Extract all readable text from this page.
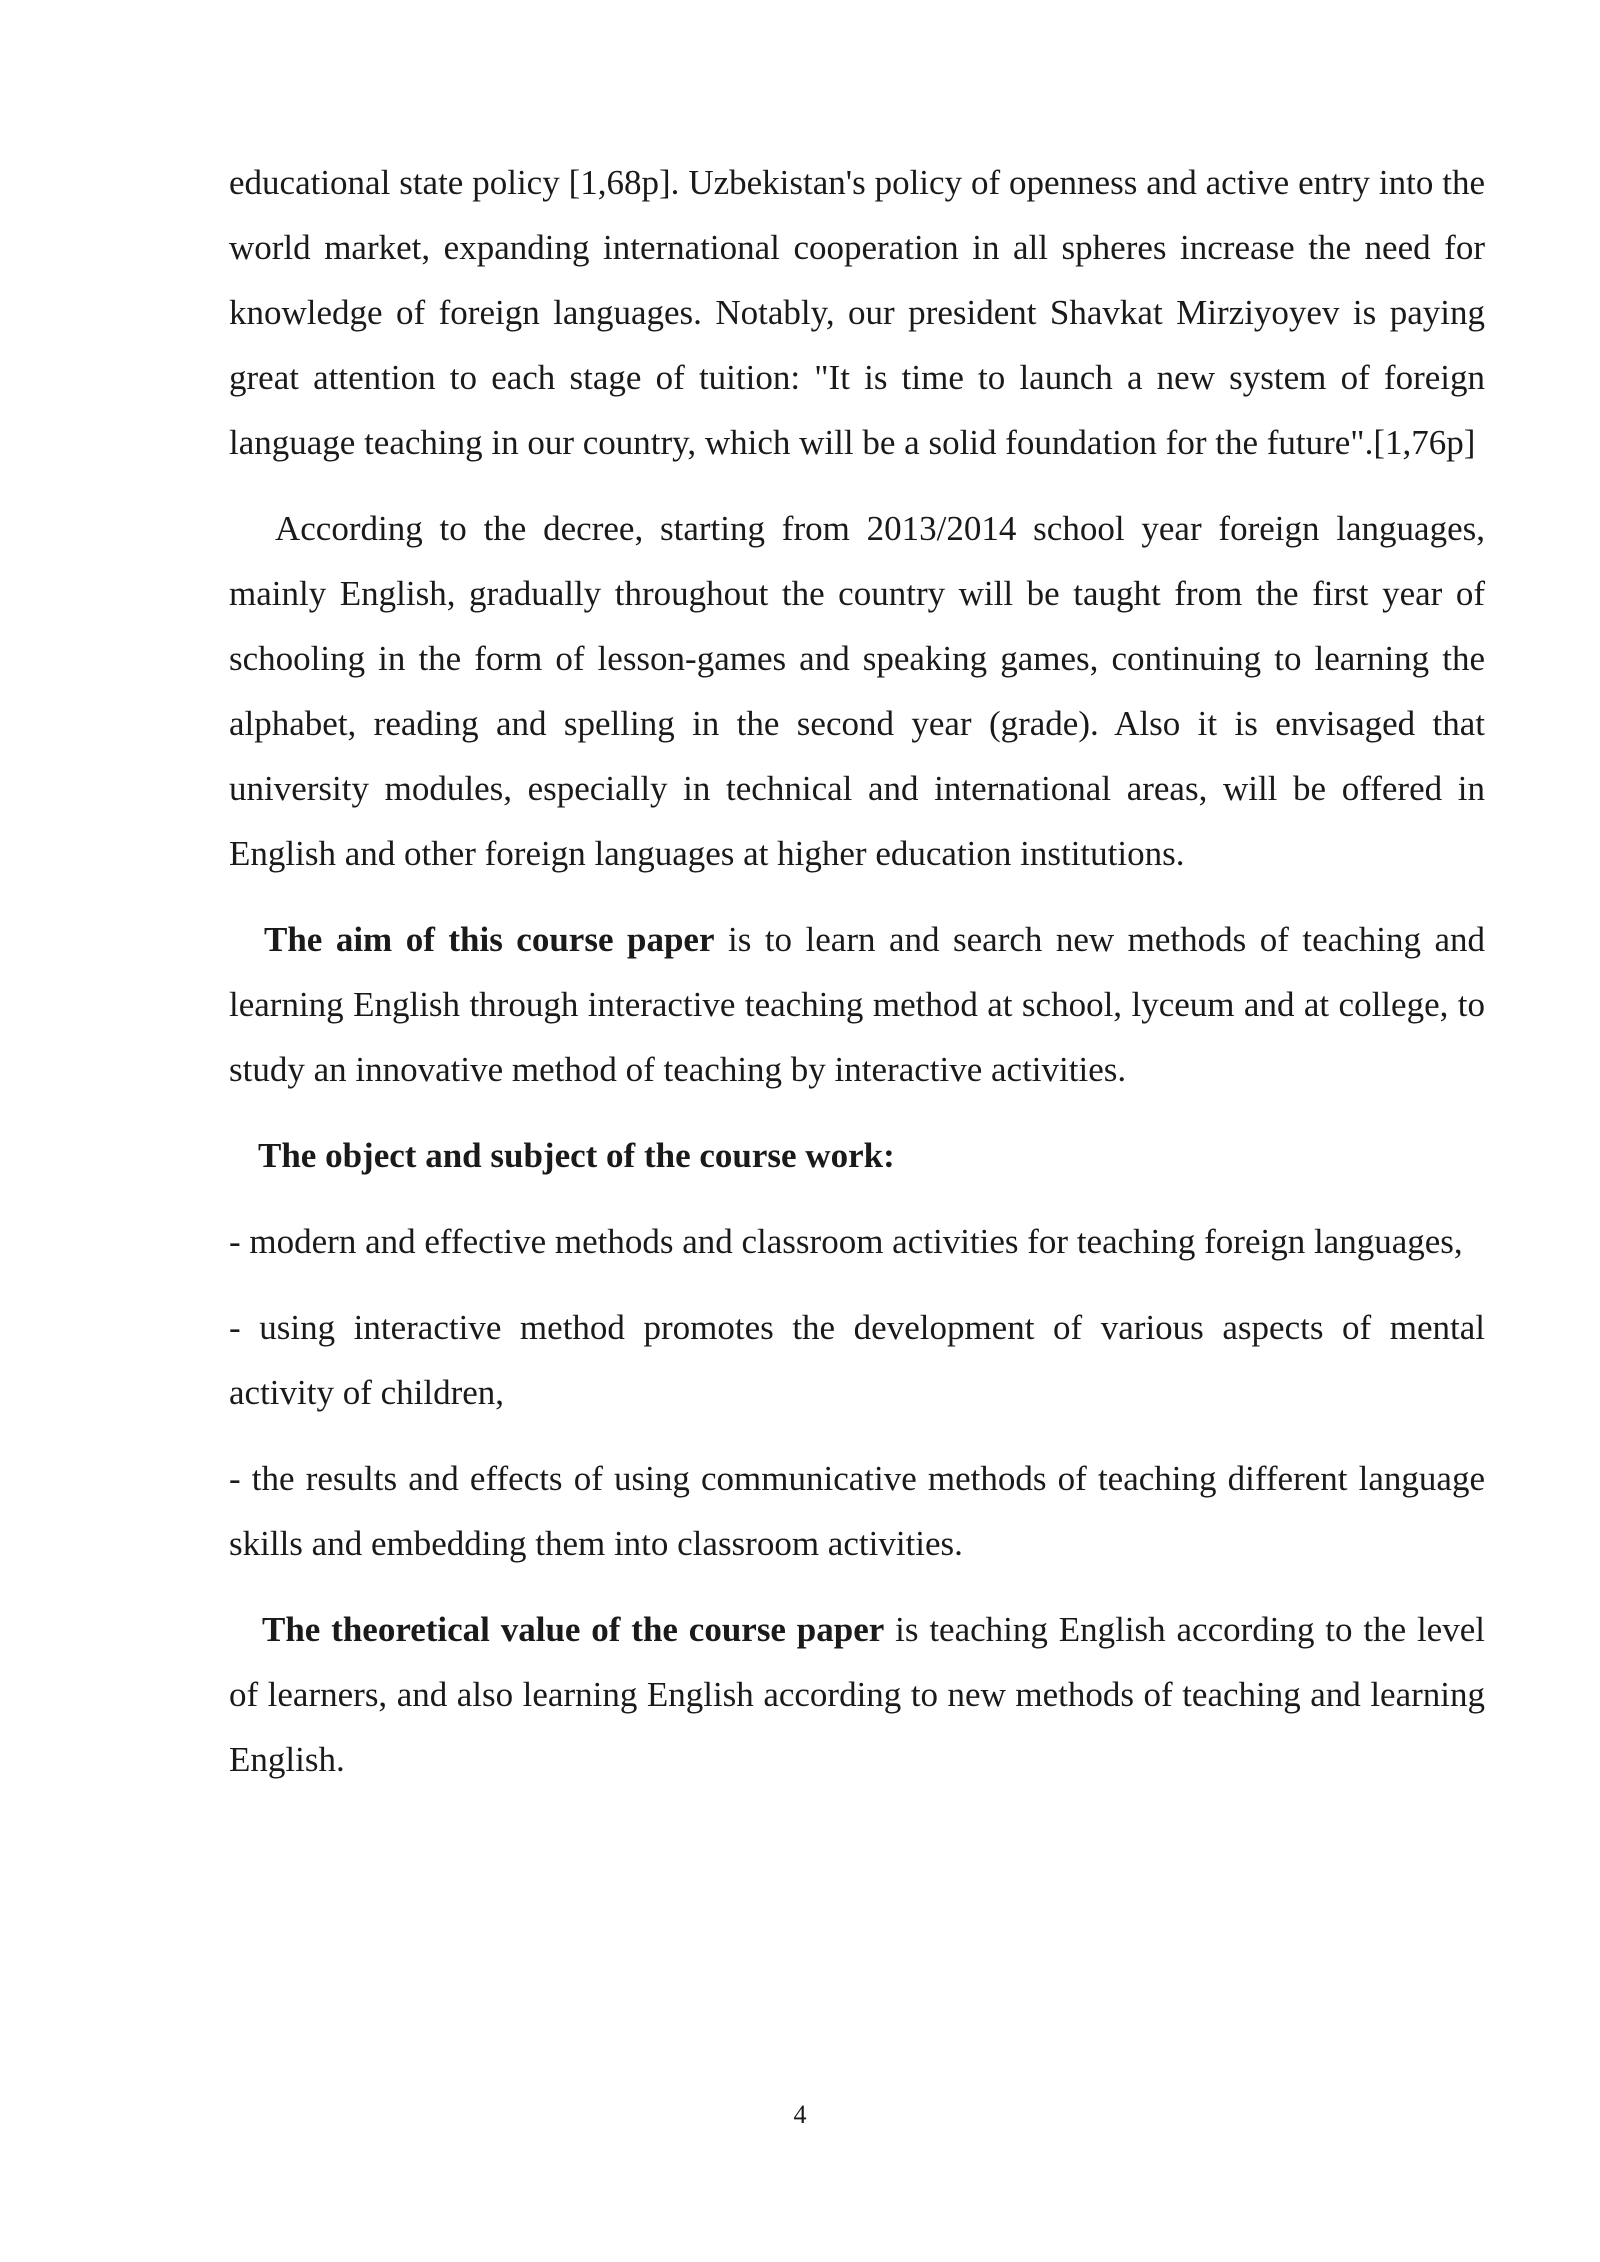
educational state policy [1,68p]. Uzbekistan's policy of openness and active entry into the world market, expanding international cooperation in all spheres increase the need for knowledge of foreign languages. Notably, our president Shavkat Mirziyoyev is paying great attention to each stage of tuition: "It is time to launch a new system of foreign language teaching in our country, which will be a solid foundation for the future".[1,76p]

According to the decree, starting from 2013/2014 school year foreign languages, mainly English, gradually throughout the country will be taught from the first year of schooling in the form of lesson-games and speaking games, continuing to learning the alphabet, reading and spelling in the second year (grade). Also it is envisaged that university modules, especially in technical and international areas, will be offered in English and other foreign languages at higher education institutions.

The aim of this course paper is to learn and search new methods of teaching and learning English through interactive teaching method at school, lyceum and at college, to study an innovative method of teaching by interactive activities.

The object and subject of the course work:

- modern and effective methods and classroom activities for teaching foreign languages,

- using interactive method promotes the development of various aspects of mental activity of children,

- the results and effects of using communicative methods of teaching different language skills and embedding them into classroom activities.

The theoretical value of the course paper is teaching English according to the level of learners, and also learning English according to new methods of teaching and learning English.

4
